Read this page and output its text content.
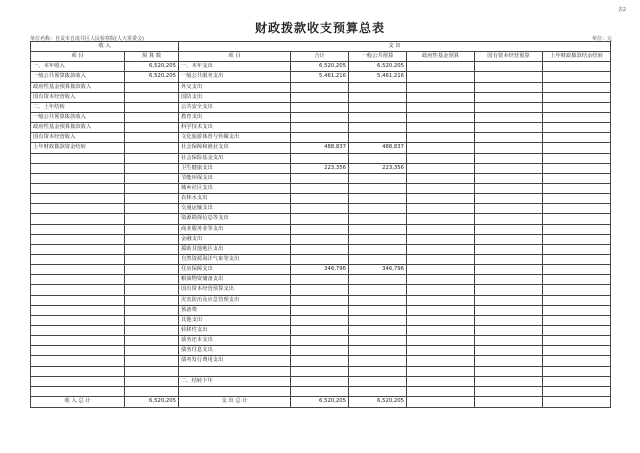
表2
财政拨款收支预算总表
单位名称：自贡市自流井区人民检察院(人大常委会)	单位：元
收 入		支 出					
项 目	预 算 数	项 目	合计	一般公共预算	政府性基金预算	国有资本经营预算	上年财政拨款结余结转
一、本年收入	6,520,205	一、本年支出	6,520,205	6,520,205			
一般公共预算拨款收入	6,520,205	一般公共服务支出	5,461,216	5,461,216			
政府性基金预算拨款收入		外交支出					
国有资本经营收入		国防支出					
二、上年结转		公共安全支出					
一般公共预算拨款收入		教育支出					
政府性基金预算拨款收入		科学技术支出					
国有资本经营收入		文化旅游体育与传媒支出					
上年财政拨款资金结转		社会保障和就业支出	488,837	488,837			
		社会保险基金支出					
		卫生健康支出	223,356	223,356			
		节能环保支出					
		城乡社区支出					
		农林水支出					
		交通运输支出					
		资源勘探信息等支出					
		商业服务业等支出					
		金融支出					
		援助其他地区支出					
		自然资源海洋气象等支出					
		住房保障支出	346,796	346,796			
		粮油物资储备支出					
		国有资本经营预算支出					
		灾害防治及应急管理支出					
		预备费					
		其他支出					
		转移性支出					
		债务还本支出					
		债务付息支出					
		债务发行费用支出					

		二、结转下年					

收 入 总 计	6,520,205	支 出 总 计	6,520,205	6,520,205			
